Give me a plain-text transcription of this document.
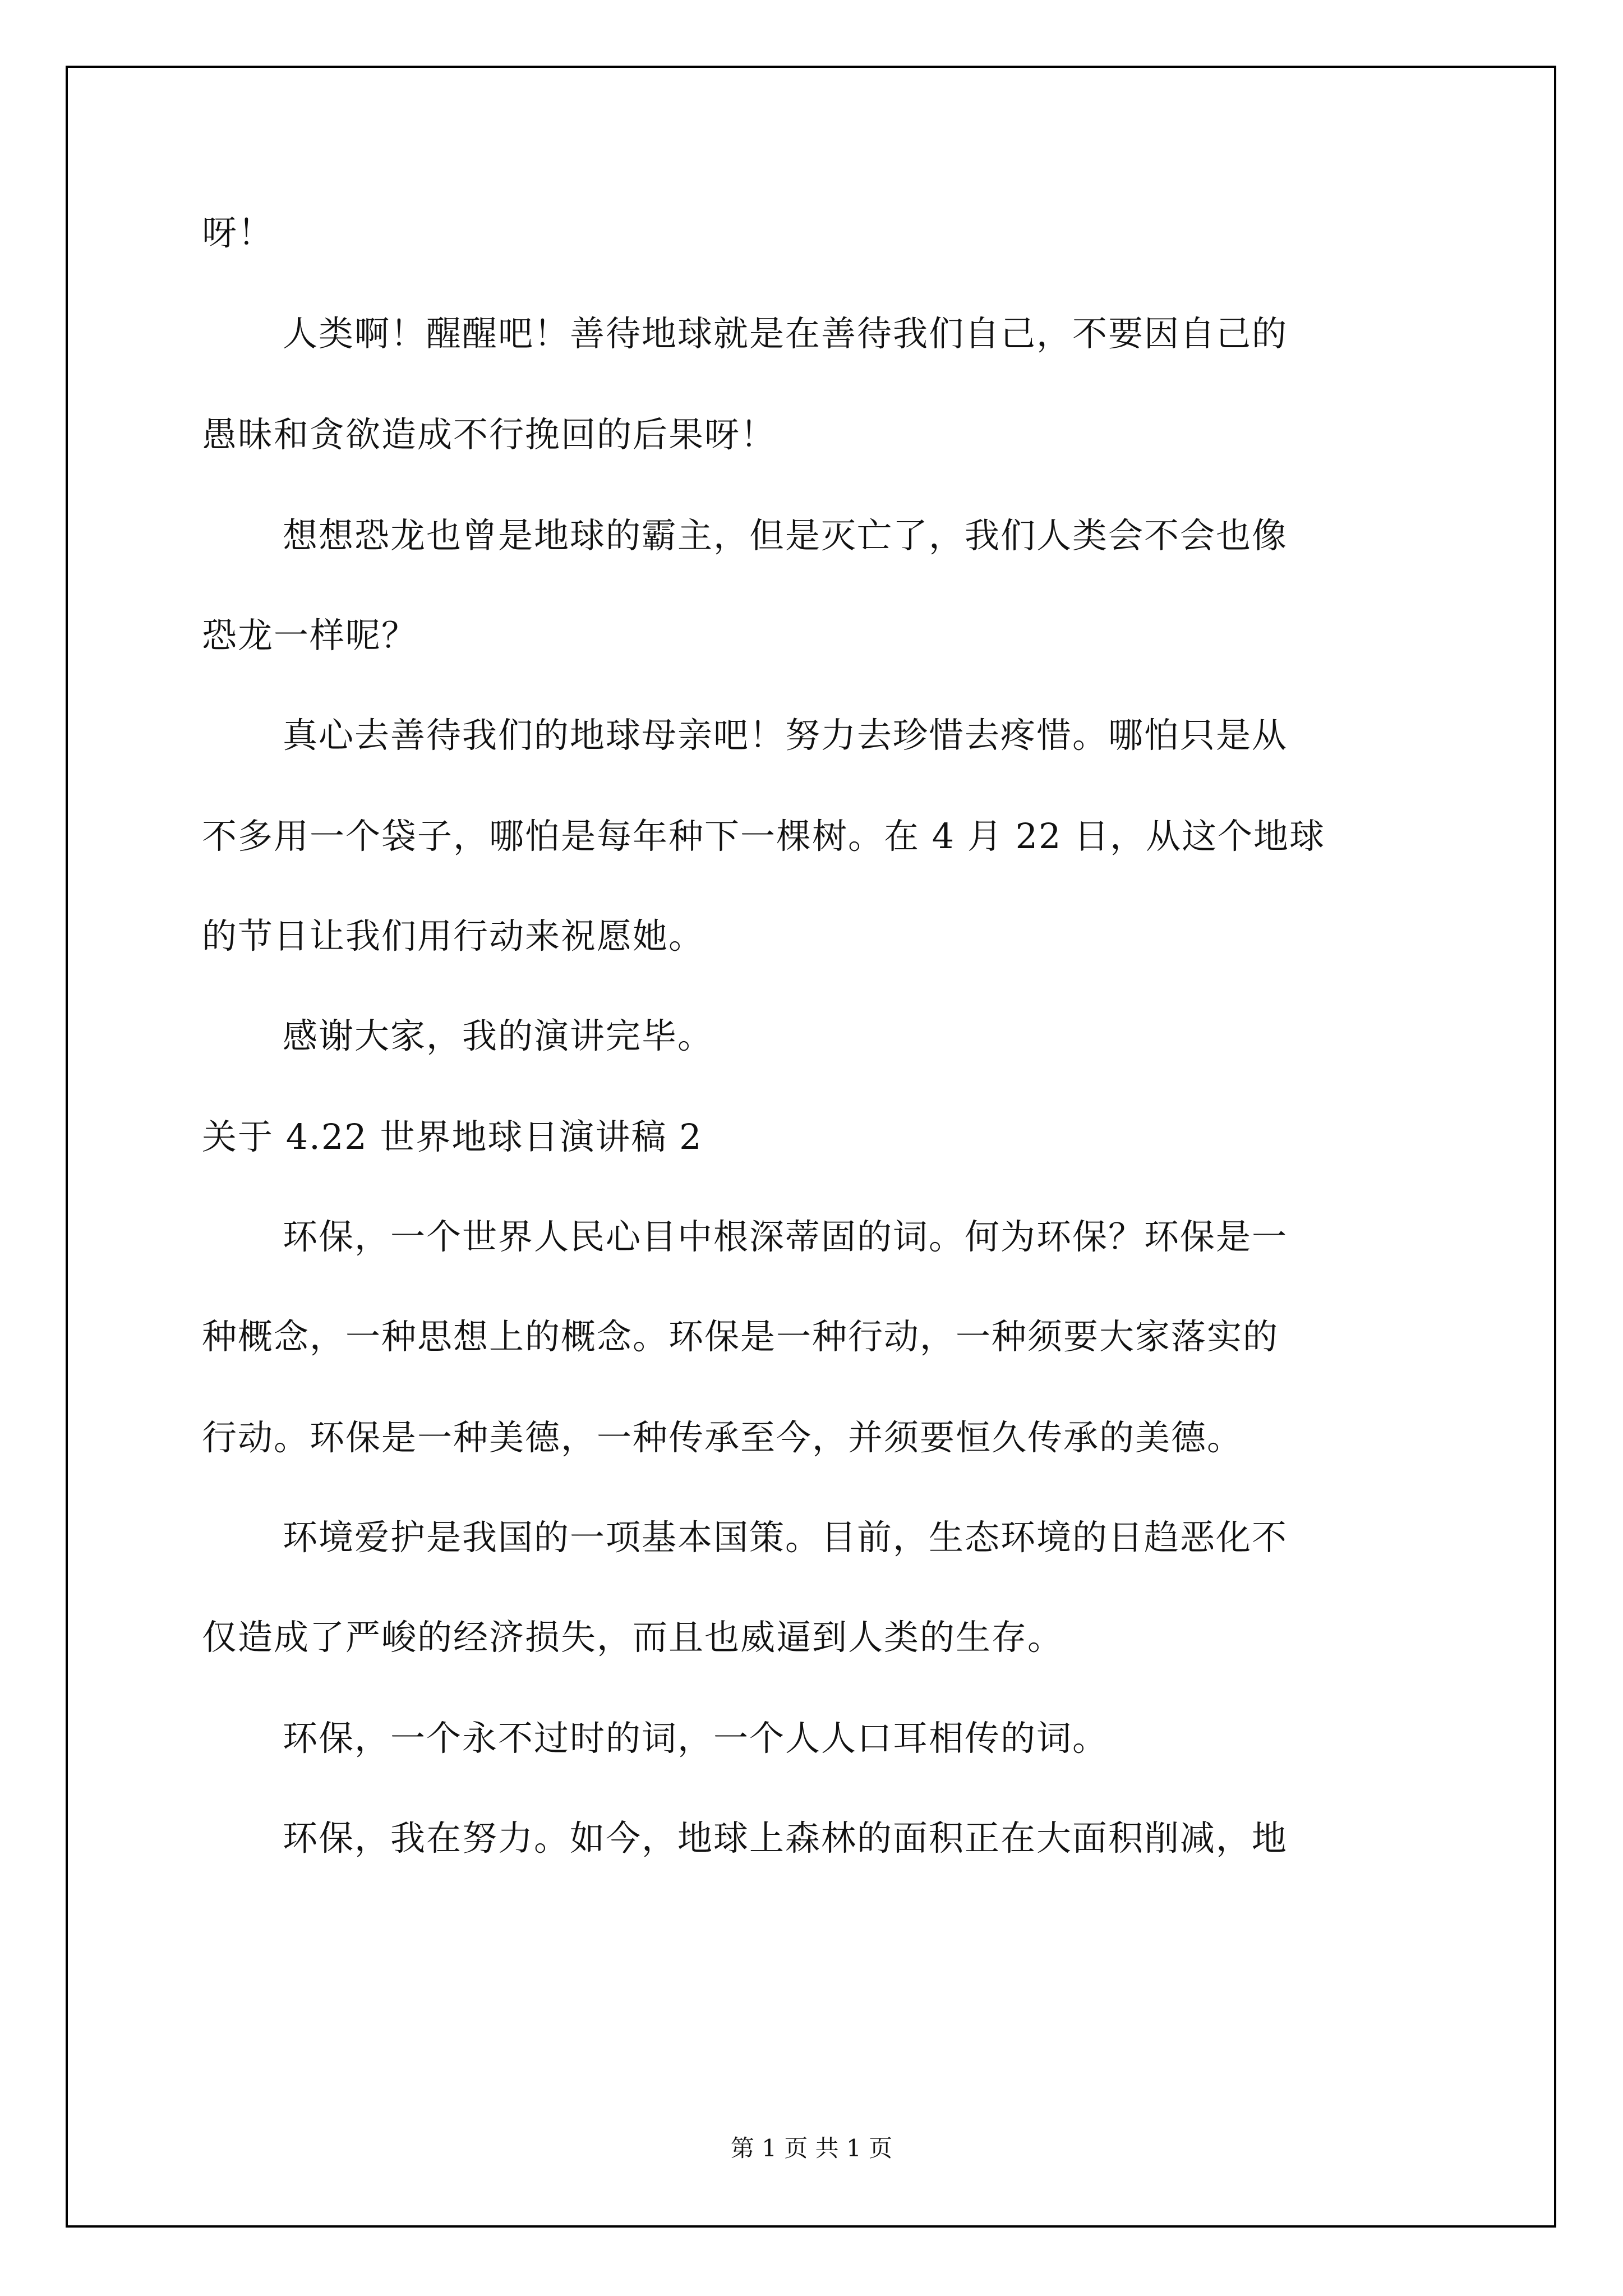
呀！
人类啊！醒醒吧！善待地球就是在善待我们自己，不要因自己的
愚昧和贪欲造成不行挽回的后果呀！
想想恐龙也曾是地球的霸主，但是灭亡了，我们人类会不会也像
恐龙一样呢？
真心去善待我们的地球母亲吧！努力去珍惜去疼惜。哪怕只是从
不多用一个袋子，哪怕是每年种下一棵树。在 4 月 22 日，从这个地球
的节日让我们用行动来祝愿她。
感谢大家，我的演讲完毕。
关于 4.22 世界地球日演讲稿 2
环保，一个世界人民心目中根深蒂固的词。何为环保？环保是一
种概念，一种思想上的概念。环保是一种行动，一种须要大家落实的
行动。环保是一种美德，一种传承至今，并须要恒久传承的美德。
环境爱护是我国的一项基本国策。目前，生态环境的日趋恶化不
仅造成了严峻的经济损失，而且也威逼到人类的生存。
环保，一个永不过时的词，一个人人口耳相传的词。
环保，我在努力。如今，地球上森林的面积正在大面积削减，地
第 1 页 共 1 页
